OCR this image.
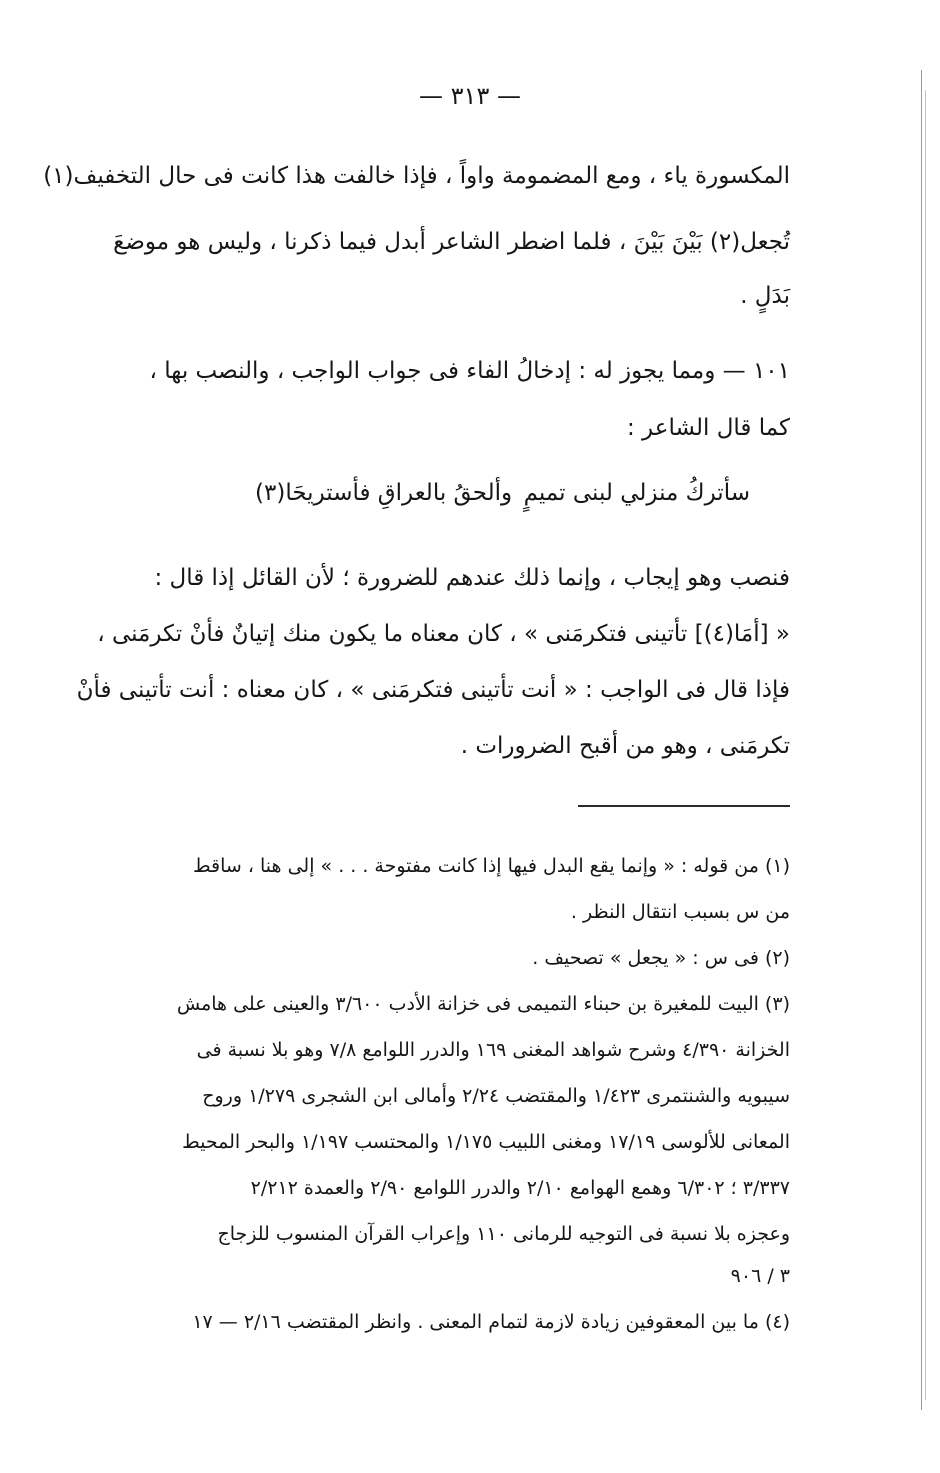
— ٣١٣ —
المكسورة ياء ، ومع المضمومة واواً ، فإذا خالفت هذا كانت فى حال التخفيف(١)
تُجعل(٢) بَيْنَ بَيْنَ ، فلما اضطر الشاعر أبدل فيما ذكرنا ، وليس هو موضعَ
بَدَلٍ .
١٠١ — ومما يجوز له : إدخالُ الفاء فى جواب الواجب ، والنصب بها ،
كما قال الشاعر :
سأتركُ منزلي لبنى تميمٍ
وألحقُ بالعراقِ فأستريحَا(٣)
فنصب وهو إيجاب ، وإنما ذلك عندهم للضرورة ؛ لأن القائل إذا قال :
« [أمَا(٤)] تأتينى فتكرمَنى » ، كان معناه ما يكون منك إتيانٌ فأنْ تكرمَنى ،
فإذا قال فى الواجب : « أنت تأتينى فتكرمَنى » ، كان معناه : أنت تأتينى فأنْ
تكرمَنى ، وهو من أقبح الضرورات .
(١) من قوله : « وإنما يقع البدل فيها إذا كانت مفتوحة . . . » إلى هنا ، ساقط
من س بسبب انتقال النظر .
(٢) فى س : « يجعل » تصحيف .
(٣) البيت للمغيرة بن حبناء التميمى فى خزانة الأدب ٣/٦٠٠ والعينى على هامش
الخزانة ٤/٣٩٠ وشرح شواهد المغنى ١٦٩ والدرر اللوامع ٧/٨ وهو بلا نسبة فى
سيبويه والشنتمرى ١/٤٢٣ والمقتضب ٢/٢٤ وأمالى ابن الشجرى ١/٢٧٩ وروح
المعانى للألوسى ١٧/١٩ ومغنى اللبيب ١/١٧٥ والمحتسب ١/١٩٧ والبحر المحيط
٣/٣٣٧ ؛ ٦/٣٠٢ وهمع الهوامع ٢/١٠ والدرر اللوامع ٢/٩٠ والعمدة ٢/٢١٢
وعجزه بلا نسبة فى التوجيه للرمانى ١١٠ وإعراب القرآن المنسوب للزجاج
٣ / ٩٠٦
(٤) ما بين المعقوفين زيادة لازمة لتمام المعنى . وانظر المقتضب ٢/١٦ — ١٧
